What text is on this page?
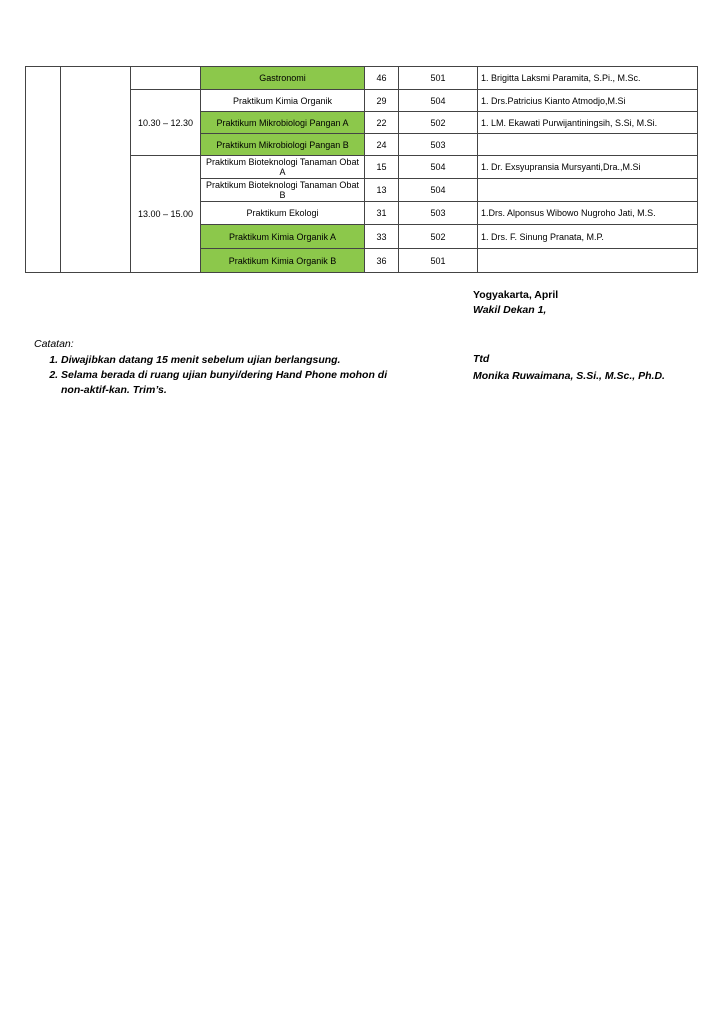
			Gastronomi	46	501	1. Brigitta Laksmi Paramita, S.Pi., M.Sc.
		10.30 – 12.30	Praktikum Kimia Organik	29	504	1. Drs.Patricius Kianto Atmodjo,M.Si
			Praktikum Mikrobiologi Pangan A	22	502	1. LM. Ekawati Purwijantiningsih, S.Si, M.Si.
			Praktikum Mikrobiologi Pangan B	24	503	
		13.00 – 15.00	Praktikum Bioteknologi Tanaman Obat A	15	504	1. Dr. Exsyupransia Mursyanti,Dra.,M.Si
			Praktikum Bioteknologi Tanaman Obat B	13	504	
			Praktikum Ekologi	31	503	1.Drs. Alponsus Wibowo Nugroho Jati, M.S.
			Praktikum Kimia Organik A	33	502	1. Drs. F. Sinung Pranata, M.P.
			Praktikum Kimia Organik B	36	501	
Yogyakarta, April
Wakil Dekan 1,
Ttd
Monika Ruwaimana, S.Si., M.Sc., Ph.D.
Catatan:
1. Diwajibkan datang 15 menit sebelum ujian berlangsung.
2. Selama berada di ruang ujian bunyi/dering Hand Phone mohon di non-aktif-kan. Trim’s.
